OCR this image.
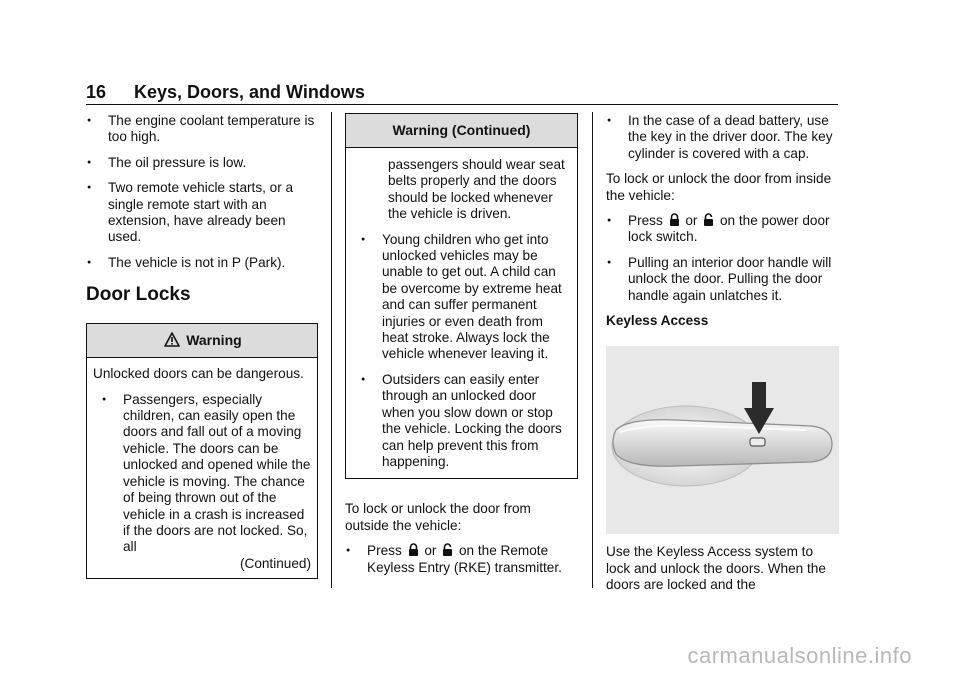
16 Keys, Doors, and Windows
●	The engine coolant temperature is too high.
●	The oil pressure is low.
●	Two remote vehicle starts, or a single remote start with an extension, have already been used.
●	The vehicle is not in P (Park).
Door Locks
Warning

Unlocked doors can be dangerous.

●	Passengers, especially children, can easily open the doors and fall out of a moving vehicle. The doors can be unlocked and opened while the vehicle is moving. The chance of being thrown out of the vehicle in a crash is increased if the doors are not locked. So, all
(Continued)
Warning (Continued)
passengers should wear seat belts properly and the doors should be locked whenever the vehicle is driven.
●	Young children who get into unlocked vehicles may be unable to get out. A child can be overcome by extreme heat and can suffer permanent injuries or even death from heat stroke. Always lock the vehicle whenever leaving it.
●	Outsiders can easily enter through an unlocked door when you slow down or stop the vehicle. Locking the doors can help prevent this from happening.

To lock or unlock the door from outside the vehicle:

●	Press or on the Remote Keyless Entry (RKE) transmitter.
●	In the case of a dead battery, use the key in the driver door. The key cylinder is covered with a cap.

To lock or unlock the door from inside the vehicle:

●	Press or on the power door lock switch.
●	Pulling an interior door handle will unlock the door. Pulling the door handle again unlatches it.
Keyless Access

Use the Keyless Access system to lock and unlock the doors. When the doors are locked and the

carmanualsonline.info
